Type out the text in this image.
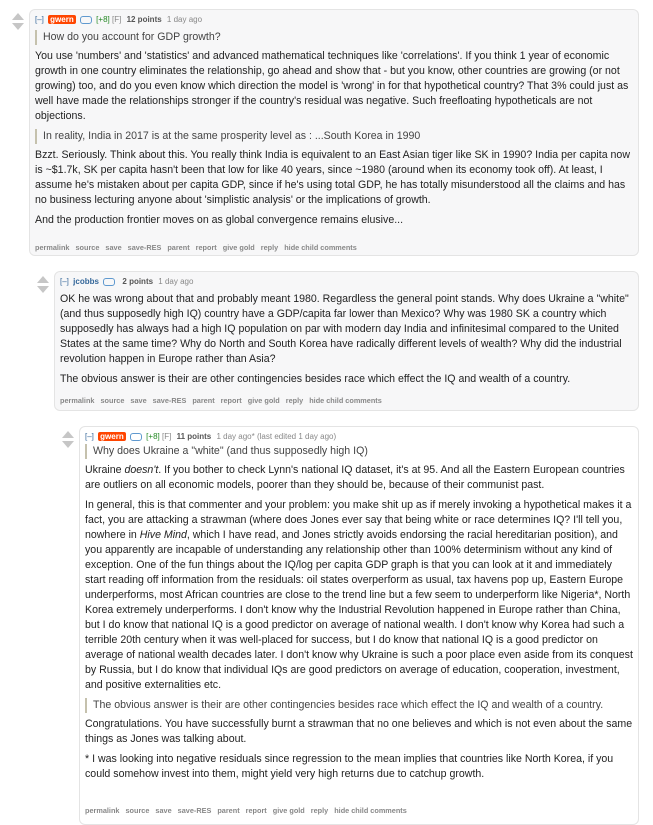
[–] gwern	[+8] [F] 12 points 1 day ago
How do you account for GDP growth?

You use 'numbers' and 'statistics' and advanced mathematical techniques like 'correlations'. If you think 1 year of economic growth in one country eliminates the relationship, go ahead and show that - but you know, other countries are growing (or not growing) too, and do you even know which direction the model is 'wrong' in for that hypothetical country? That 3% could just as well have made the relationships stronger if the country's residual was negative. Such freefloating hypotheticals are not objections.

In reality, India in 2017 is at the same prosperity level as : ...South Korea in 1990

Bzzt. Seriously. Think about this. You really think India is equivalent to an East Asian tiger like SK in 1990? India per capita now is ~$1.7k, SK per capita hasn't been that low for like 40 years, since ~1980 (around when its economy took off). At least, I assume he's mistaken about per capita GDP, since if he's using total GDP, he has totally misunderstood all the claims and has no business lecturing anyone about 'simplistic analysis' or the implications of growth.

And the production frontier moves on as global convergence remains elusive...

permalink source save save-RES parent report give gold reply hide child comments
[–] jcobbs	2 points 1 day ago

OK he was wrong about that and probably meant 1980. Regardless the general point stands. Why does Ukraine a "white" (and thus supposedly high IQ) country have a GDP/capita far lower than Mexico? Why was 1980 SK a country which supposedly has always had a high IQ population on par with modern day India and infinitesimal compared to the United States at the same time? Why do North and South Korea have radically different levels of wealth? Why did the industrial revolution happen in Europe rather than Asia?

The obvious answer is their are other contingencies besides race which effect the IQ and wealth of a country.

permalink source save save-RES parent report give gold reply hide child comments
[–] gwern	[+8] [F] 11 points 1 day ago* (last edited 1 day ago)
Why does Ukraine a "white" (and thus supposedly high IQ)

Ukraine doesn't. If you bother to check Lynn's national IQ dataset, it's at 95. And all the Eastern European countries are outliers on all economic models, poorer than they should be, because of their communist past.

In general, this is that commenter and your problem: you make shit up as if merely invoking a hypothetical makes it a fact, you are attacking a strawman (where does Jones ever say that being white or race determines IQ? I'll tell you, nowhere in Hive Mind, which I have read, and Jones strictly avoids endorsing the racial hereditarian position), and you apparently are incapable of understanding any relationship other than 100% determinism without any kind of exception. One of the fun things about the IQ/log per capita GDP graph is that you can look at it and immediately start reading off information from the residuals: oil states overperform as usual, tax havens pop up, Eastern Europe underperforms, most African countries are close to the trend line but a few seem to underperform like Nigeria*, North Korea extremely underperforms. I don't know why the Industrial Revolution happened in Europe rather than China, but I do know that national IQ is a good predictor on average of national wealth. I don't know why Korea had such a terrible 20th century when it was well-placed for success, but I do know that national IQ is a good predictor on average of national wealth decades later. I don't know why Ukraine is such a poor place even aside from its conquest by Russia, but I do know that individual IQs are good predictors on average of education, cooperation, investment, and positive externalities etc.

The obvious answer is their are other contingencies besides race which effect the IQ and wealth of a country.

Congratulations. You have successfully burnt a strawman that no one believes and which is not even about the same things as Jones was talking about.

* I was looking into negative residuals since regression to the mean implies that countries like North Korea, if you could somehow invest into them, might yield very high returns due to catchup growth.

permalink source save save-RES parent report give gold reply hide child comments
